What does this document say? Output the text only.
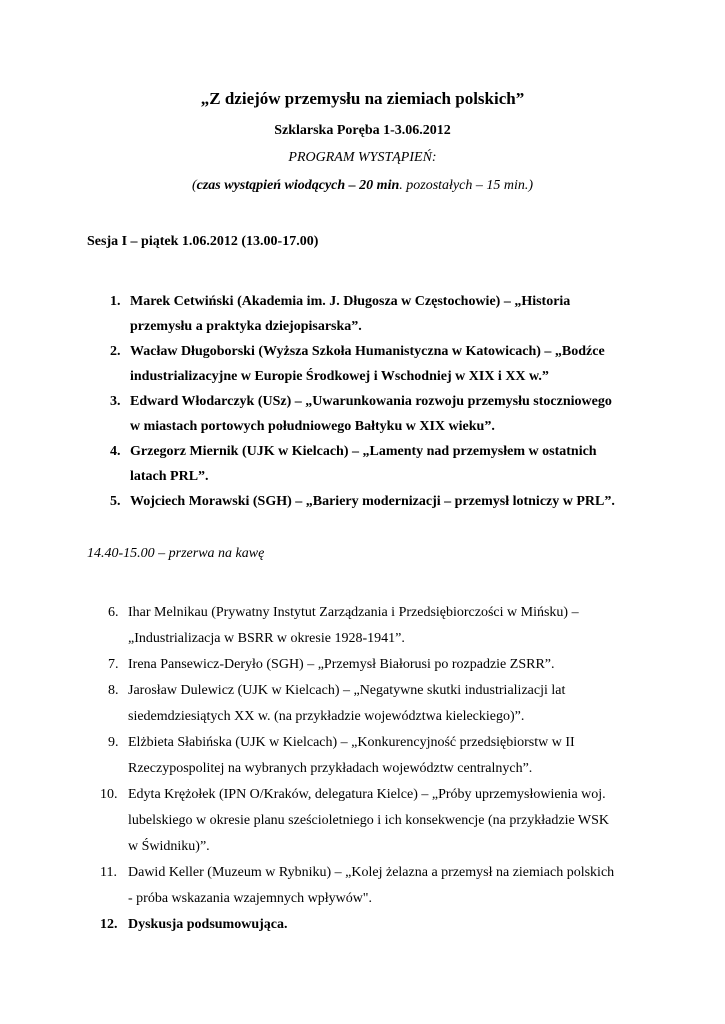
„Z dziejów przemysłu na ziemiach polskich”
Szklarska Poręba 1-3.06.2012
PROGRAM WYSTĄPIEŃ:
(czas wystąpień wiodących – 20 min. pozostałych – 15 min.)
Sesja I – piątek 1.06.2012 (13.00-17.00)
14.40-15.00 – przerwa na kawę
1. Marek Cetwiński (Akademia im. J. Długosza w Częstochowie) – „Historia
przemysłu a praktyka dziejopisarska”.
2. Wacław Długoborski (Wyższa Szkoła Humanistyczna w Katowicach) – „Bodźce
industrializacyjne w Europie Środkowej i Wschodniej w XIX i XX w.”
3. Edward Włodarczyk (USz) – „Uwarunkowania rozwoju przemysłu stoczniowego
w miastach portowych południowego Bałtyku w XIX wieku”.
4. Grzegorz Miernik (UJK w Kielcach) – „Lamenty nad przemysłem w ostatnich
latach PRL”.
5. Wojciech Morawski (SGH) – „Bariery modernizacji – przemysł lotniczy w PRL”.
6. Ihar Melnikau (Prywatny Instytut Zarządzania i Przedsiębiorczości w Mińsku) –
„Industrializacja w BSRR w okresie 1928-1941”.
7. Irena Pansewicz-Deryło (SGH) – „Przemysł Białorusi po rozpadzie ZSRR”.
8. Jarosław Dulewicz (UJK w Kielcach) – „Negatywne skutki industrializacji lat
siedemdziesiątych XX w. (na przykładzie województwa kieleckiego)”.
9. Elżbieta Słabińska (UJK w Kielcach) – „Konkurencyjność przedsiębiorstw w II
Rzeczypospolitej na wybranych przykładach województw centralnych”.
10. Edyta Krężołek (IPN O/Kraków, delegatura Kielce) – „Próby uprzemysłowienia woj.
lubelskiego w okresie planu sześcioletniego i ich konsekwencje (na przykładzie WSK
w Świdniku)”.
11. Dawid Keller (Muzeum w Rybniku) – „Kolej żelazna a przemysł na ziemiach polskich
- próba wskazania wzajemnych wpływów".
12. Dyskusja podsumowująca.
